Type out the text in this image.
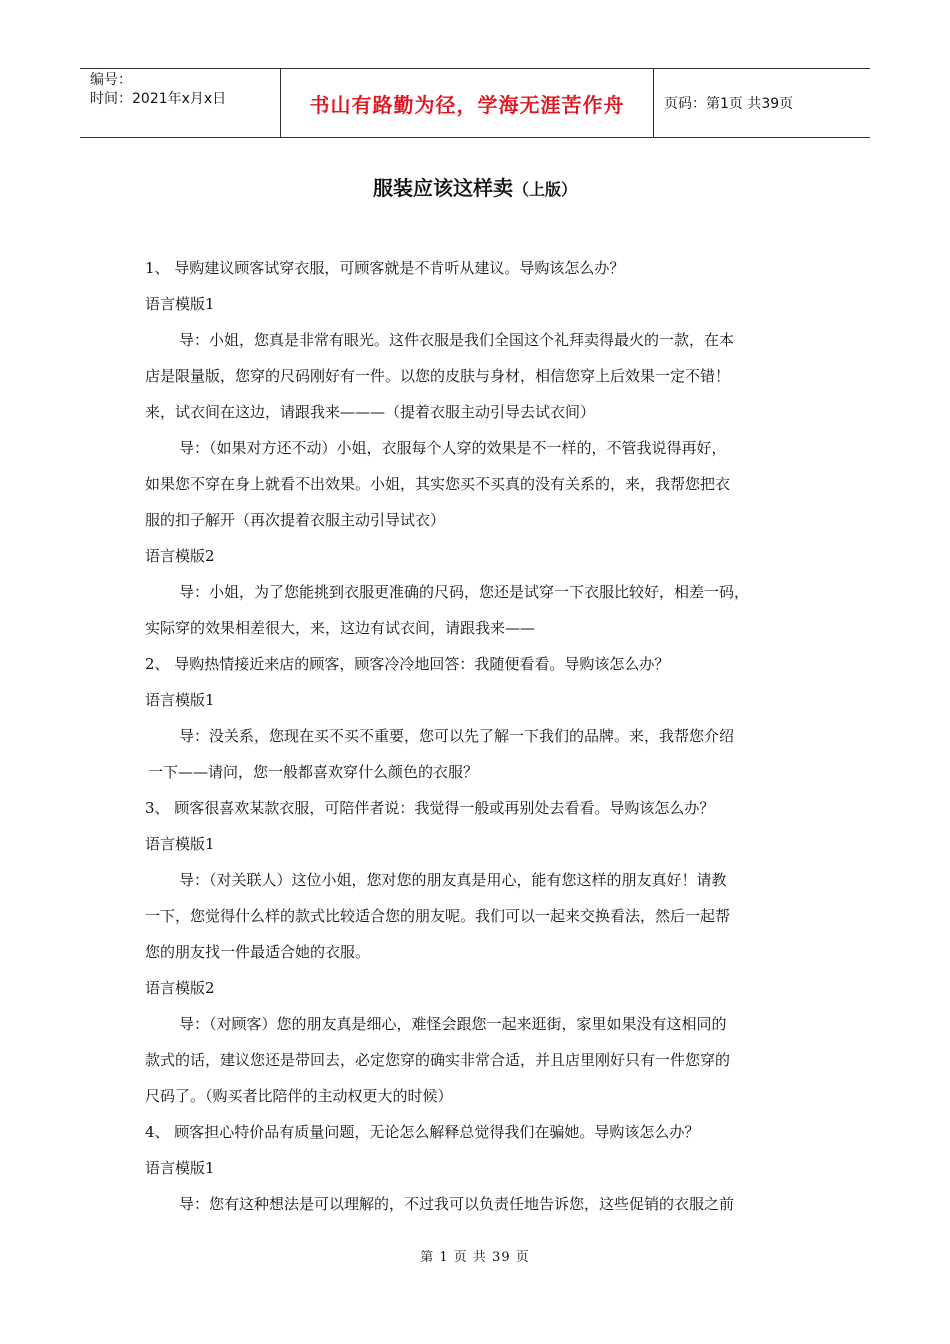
编号：
时间：2021年x月x日	书山有路勤为径，学海无涯苦作舟	页码：第1页 共39页
服装应该这样卖（上版）

1、 导购建议顾客试穿衣服，可顾客就是不肯听从建议。导购该怎么办？

语言模版1

导：小姐，您真是非常有眼光。这件衣服是我们全国这个礼拜卖得最火的一款，在本

店是限量版，您穿的尺码刚好有一件。以您的皮肤与身材，相信您穿上后效果一定不错！

来，试衣间在这边，请跟我来———（提着衣服主动引导去试衣间）

导：（如果对方还不动）小姐，衣服每个人穿的效果是不一样的，不管我说得再好，

如果您不穿在身上就看不出效果。小姐，其实您买不买真的没有关系的，来，我帮您把衣

服的扣子解开（再次提着衣服主动引导试衣）

语言模版2

导：小姐，为了您能挑到衣服更准确的尺码，您还是试穿一下衣服比较好，相差一码，

实际穿的效果相差很大，来，这边有试衣间，请跟我来——

2、 导购热情接近来店的顾客，顾客冷冷地回答：我随便看看。导购该怎么办？

语言模版1

导：没关系，您现在买不买不重要，您可以先了解一下我们的品牌。来，我帮您介绍

一下——请问，您一般都喜欢穿什么颜色的衣服？

3、 顾客很喜欢某款衣服，可陪伴者说：我觉得一般或再别处去看看。导购该怎么办？

语言模版1

导：（对关联人）这位小姐，您对您的朋友真是用心，能有您这样的朋友真好！请教

一下，您觉得什么样的款式比较适合您的朋友呢。我们可以一起来交换看法，然后一起帮

您的朋友找一件最适合她的衣服。

语言模版2

导：（对顾客）您的朋友真是细心，难怪会跟您一起来逛街，家里如果没有这相同的

款式的话，建议您还是带回去，必定您穿的确实非常合适，并且店里刚好只有一件您穿的

尺码了。（购买者比陪伴的主动权更大的时候）

4、 顾客担心特价品有质量问题，无论怎么解释总觉得我们在骗她。导购该怎么办？

语言模版1

导：您有这种想法是可以理解的，不过我可以负责任地告诉您，这些促销的衣服之前

第 1 页 共 39 页
